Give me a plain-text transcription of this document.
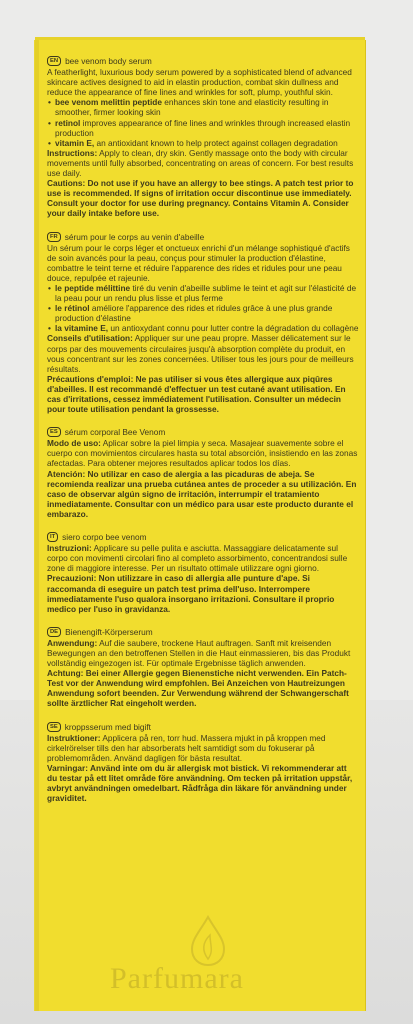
EN bee venom body serum

A featherlight, luxurious body serum powered by a sophisticated blend of advanced skincare actives designed to aid in elastin production, combat skin dullness and reduce the appearance of fine lines and wrinkles for soft, plump, youthful skin.

• bee venom melittin peptide enhances skin tone and elasticity resulting in smoother, firmer looking skin
• retinol improves appearance of fine lines and wrinkles through increased elastin production
• vitamin E, an antioxidant known to help protect against collagen degradation

Instructions: Apply to clean, dry skin. Gently massage onto the body with circular movements until fully absorbed, concentrating on areas of concern. For best results use daily.

Cautions: Do not use if you have an allergy to bee stings. A patch test prior to use is recommended. If signs of irritation occur discontinue use immediately. Consult your doctor for use during pregnancy. Contains Vitamin A. Consider your daily intake before use.

FR sérum pour le corps au venin d'abeille

Un sérum pour le corps léger et onctueux enrichi d'un mélange sophistiqué d'actifs de soin avancés pour la peau, conçus pour stimuler la production d'élastine, combattre le teint terne et réduire l'apparence des rides et ridules pour une peau douce, repulpée et rajeunie.

• le peptide mélittine tiré du venin d'abeille sublime le teint et agit sur l'élasticité de la peau pour un rendu plus lisse et plus ferme
• le rétinol améliore l'apparence des rides et ridules grâce à une plus grande production d'élastine
• la vitamine E, un antioxydant connu pour lutter contre la dégradation du collagène

Conseils d'utilisation: Appliquer sur une peau propre. Masser délicatement sur le corps par des mouvements circulaires jusqu'à absorption complète du produit, en vous concentrant sur les zones concernées. Utiliser tous les jours pour de meilleurs résultats.

Précautions d'emploi: Ne pas utiliser si vous êtes allergique aux piqûres d'abeilles. Il est recommandé d'effectuer un test cutané avant utilisation. En cas d'irritations, cessez immédiatement l'utilisation. Consulter un médecin pour toute utilisation pendant la grossesse.

ES sérum corporal Bee Venom

Modo de uso: Aplicar sobre la piel limpia y seca. Masajear suavemente sobre el cuerpo con movimientos circulares hasta su total absorción, insistiendo en las zonas afectadas. Para obtener mejores resultados aplicar todos los días.

Atención: No utilizar en caso de alergia a las picaduras de abeja. Se recomienda realizar una prueba cutánea antes de proceder a su utilización. En caso de observar algún signo de irritación, interrumpir el tratamiento inmediatamente. Consultar con un médico para usar este producto durante el embarazo.

IT siero corpo bee venom

Instruzioni: Applicare su pelle pulita e asciutta. Massaggiare delicatamente sul corpo con movimenti circolari fino al completo assorbimento, concentrandosi sulle zone di maggiore interesse. Per un risultato ottimale utilizzare ogni giorno.

Precauzioni: Non utilizzare in caso di allergia alle punture d'ape. Si raccomanda di eseguire un patch test prima dell'uso. Interrompere immediatamente l'uso qualora insorgano irritazioni. Consultare il proprio medico per l'uso in gravidanza.

DE Bienengift-Körperserum

Anwendung: Auf die saubere, trockene Haut auftragen. Sanft mit kreisenden Bewegungen an den betroffenen Stellen in die Haut einmassieren, bis das Produkt vollständig eingezogen ist. Für optimale Ergebnisse täglich anwenden.

Achtung: Bei einer Allergie gegen Bienenstiche nicht verwenden. Ein Patch-Test vor der Anwendung wird empfohlen. Bei Anzeichen von Hautreizungen Anwendung sofort beenden. Zur Verwendung während der Schwangerschaft sollte ärztlicher Rat eingeholt werden.

SE kroppsserum med bigift

Instruktioner: Applicera på ren, torr hud. Massera mjukt in på kroppen med cirkelrörelser tills den har absorberats helt samtidigt som du fokuserar på problemområden. Använd dagligen för bästa resultat.

Varningar: Använd inte om du är allergisk mot bistick. Vi rekommenderar att du testar på ett litet område före användning. Om tecken på irritation uppstår, avbryt användningen omedelbart. Rådfråga din läkare för användning under graviditet.

Parfumara
